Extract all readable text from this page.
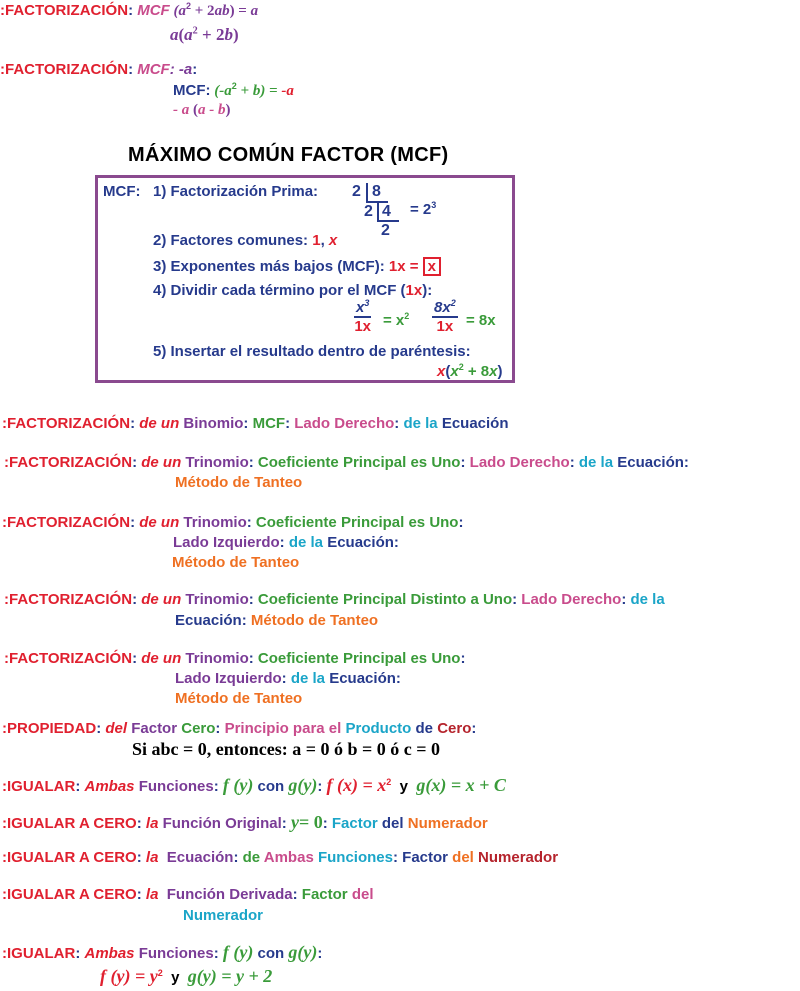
:FACTORIZACIÓN: MCF $(a^2 + 2ab) = a$
$a(a^2 + 2b)$
:FACTORIZACIÓN: MCF: -a:
MCF: $(-a^2 + b) = -a$
- a (a - b)
MÁXIMO COMÚN FACTOR (MCF)
MCF: 1) Factorización Prima: 2 8
2 4
2
= $2^3$
2) Factores comunes: 1, x
3) Exponentes más bajos (MCF): 1x = x
4) Dividir cada término por el MCF (1x):
$\frac{x^3}{1x} = x^2 \frac{8x^2}{1x} = 8x$
5) Insertar el resultado dentro de paréntesis:
$x(x^2 + 8x)$
:FACTORIZACIÓN: de un Binomio: MCF: Lado Derecho: de la Ecuación
:FACTORIZACIÓN: de un Trinomio: Coeficiente Principal es Uno: Lado Derecho: de la Ecuación:
Método de Tanteo
:FACTORIZACIÓN: de un Trinomio: Coeficiente Principal es Uno:
Lado Izquierdo: de la Ecuación:
Método de Tanteo
:FACTORIZACIÓN: de un Trinomio: Coeficiente Principal Distinto a Uno: Lado Derecho: de la
Ecuación: Método de Tanteo
:FACTORIZACIÓN: de un Trinomio: Coeficiente Principal es Uno:
Lado Izquierdo: de la Ecuación:
Método de Tanteo
:PROPIEDAD: del Factor Cero: Principio para el Producto de Cero:
Si abc = 0, entonces: a = 0 ó b = 0 ó c = 0
:IGUALAR: Ambas Funciones: f (y) con g(y): f $(x) = x^2$ y g(x) = x + C
:IGUALAR A CERO: la Función Original: y= 0: Factor del Numerador
:IGUALAR A CERO: la Ecuación: de Ambas Funciones: Factor del Numerador
:IGUALAR A CERO: la Función Derivada: Factor del
Numerador
:IGUALAR: Ambas Funciones: f (y) con g(y):
f $(y) = y^2$ y g(y) = y + 2
